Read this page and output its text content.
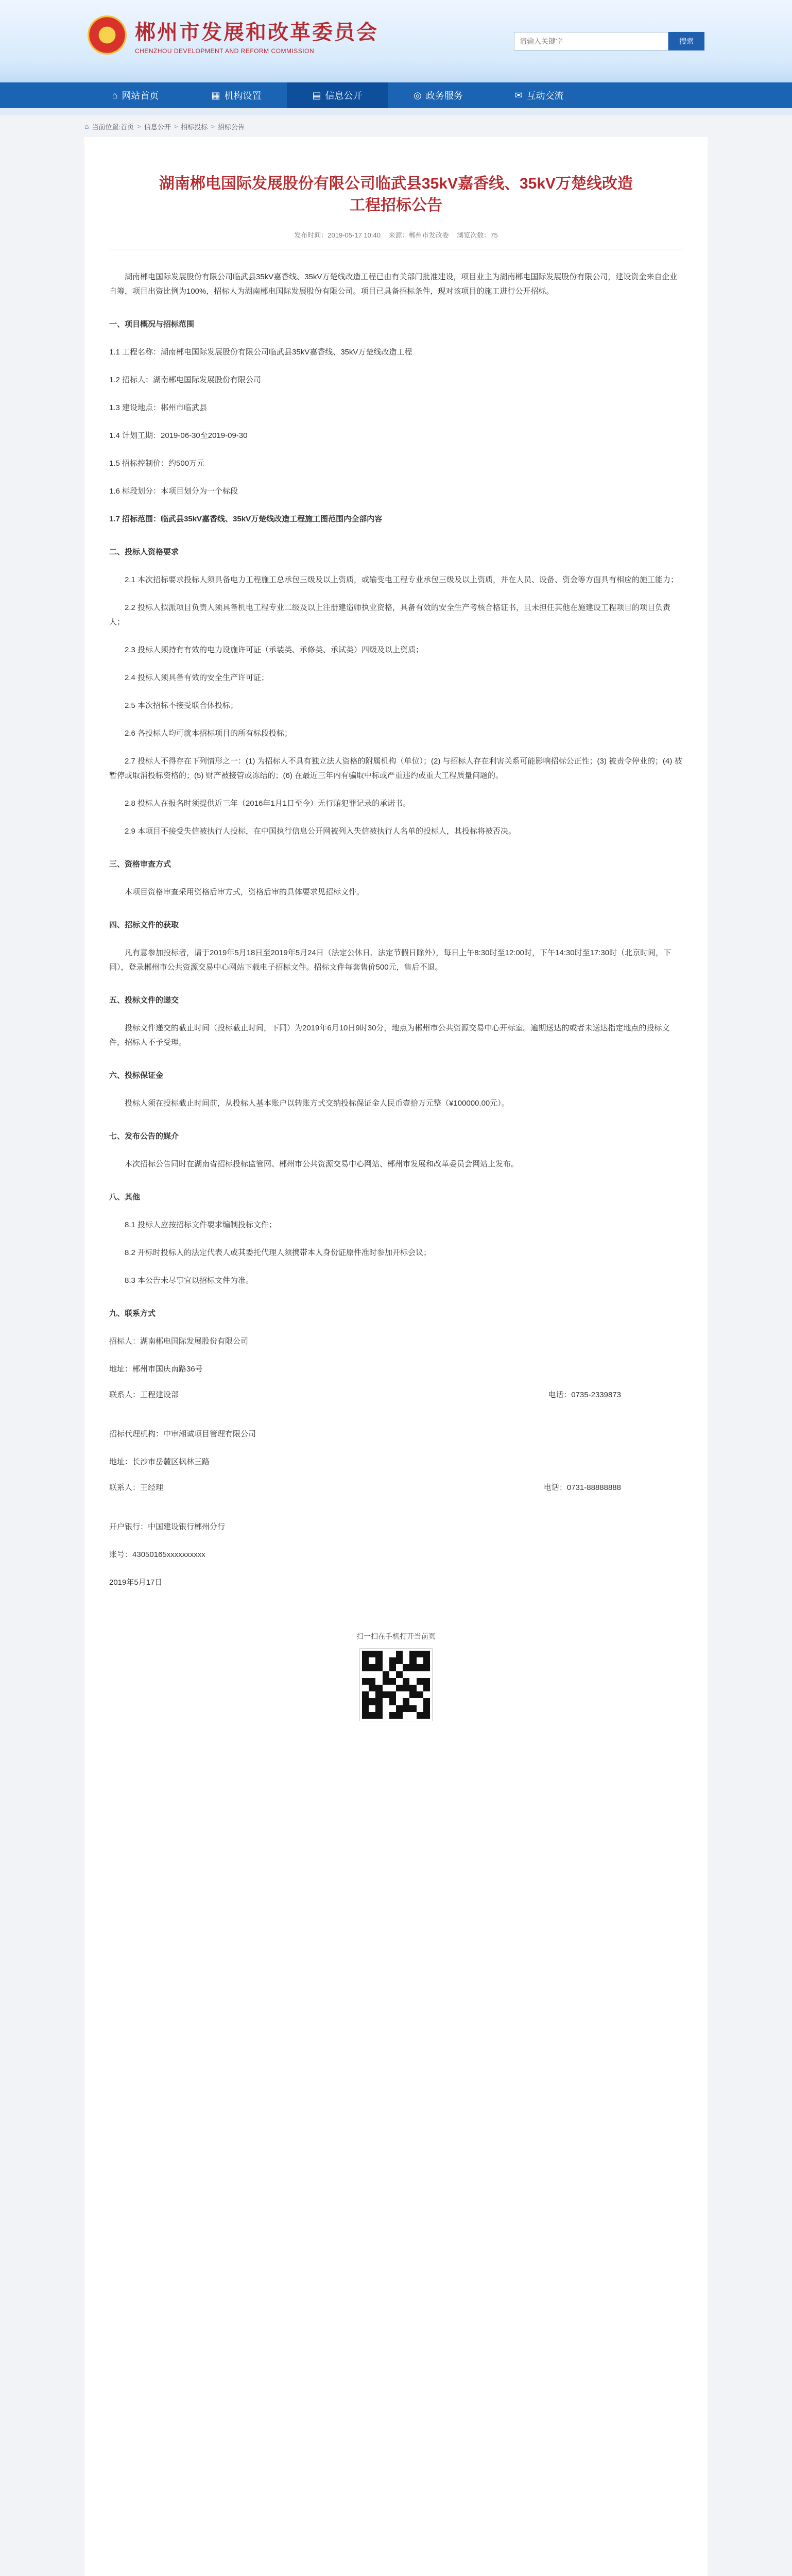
★	郴州市发展和改革委员会
CHENZHOU DEVELOPMENT AND REFORM COMMISSION
请输入关键字
搜索
⌂ 网站首页	▦ 机构设置	▤ 信息公开	◎ 政务服务	✉ 互动交流
⌂ 当前位置: 首页 > 信息公开 > 招标投标 > 招标公告
湖南郴电国际发展股份有限公司临武县35kV嘉香线、35kV万楚线改造工程招标公告
发布时间：2019-05-17 10:40 来源：郴州市发改委 浏览次数：75

湖南郴电国际发展股份有限公司临武县35kV嘉香线、35kV万楚线改造工程已由有关部门批准建设，项目业主为湖南郴电国际发展股份有限公司，建设资金来自企业自筹，项目出资比例为100%，招标人为湖南郴电国际发展股份有限公司。项目已具备招标条件，现对该项目的施工进行公开招标。

一、项目概况与招标范围

1.1 工程名称：湖南郴电国际发展股份有限公司临武县35kV嘉香线、35kV万楚线改造工程

1.2 招标人：湖南郴电国际发展股份有限公司

1.3 建设地点：郴州市临武县

1.4 计划工期：2019-06-30至2019-09-30

1.5 招标控制价：约500万元

1.6 标段划分：本项目划分为一个标段

1.7 招标范围：临武县35kV嘉香线、35kV万楚线改造工程施工图范围内全部内容

二、投标人资格要求

2.1 本次招标要求投标人须具备电力工程施工总承包三级及以上资质，或输变电工程专业承包三级及以上资质，并在人员、设备、资金等方面具有相应的施工能力；

2.2 投标人拟派项目负责人须具备机电工程专业二级及以上注册建造师执业资格，具备有效的安全生产考核合格证书，且未担任其他在施建设工程项目的项目负责人；

2.3 投标人须持有有效的电力设施许可证（承装类、承修类、承试类）四级及以上资质；

2.4 投标人须具备有效的安全生产许可证；

2.5 本次招标不接受联合体投标；

2.6 各投标人均可就本招标项目的所有标段投标；

2.7 投标人不得存在下列情形之一：(1) 为招标人不具有独立法人资格的附属机构（单位）；(2) 与招标人存在利害关系可能影响招标公正性；(3) 被责令停业的；(4) 被暂停或取消投标资格的；(5) 财产被接管或冻结的；(6) 在最近三年内有骗取中标或严重违约或重大工程质量问题的。

2.8 投标人在报名时须提供近三年（2016年1月1日至今）无行贿犯罪记录的承诺书。

2.9 本项目不接受失信被执行人投标，在中国执行信息公开网被列入失信被执行人名单的投标人，其投标将被否决。

三、资格审查方式

本项目资格审查采用资格后审方式，资格后审的具体要求见招标文件。

四、招标文件的获取

凡有意参加投标者，请于2019年5月18日至2019年5月24日（法定公休日、法定节假日除外），每日上午8:30时至12:00时，下午14:30时至17:30时（北京时间，下同），登录郴州市公共资源交易中心网站下载电子招标文件。招标文件每套售价500元，售后不退。

五、投标文件的递交

投标文件递交的截止时间（投标截止时间，下同）为2019年6月10日9时30分，地点为郴州市公共资源交易中心开标室。逾期送达的或者未送达指定地点的投标文件，招标人不予受理。

六、投标保证金

投标人须在投标截止时间前，从投标人基本账户以转账方式交纳投标保证金人民币壹拾万元整（¥100000.00元）。

七、发布公告的媒介

本次招标公告同时在湖南省招标投标监管网、郴州市公共资源交易中心网站、郴州市发展和改革委员会网站上发布。

八、其他

8.1 投标人应按招标文件要求编制投标文件；

8.2 开标时投标人的法定代表人或其委托代理人须携带本人身份证原件准时参加开标会议；

8.3 本公告未尽事宜以招标文件为准。

九、联系方式

招标人：湖南郴电国际发展股份有限公司

地址：郴州市国庆南路36号

联系人：工程建设部	电话：0735-2339873

招标代理机构：中审湘诚项目管理有限公司

地址：长沙市岳麓区枫林三路

联系人：王经理	电话：0731-88888888

开户银行：中国建设银行郴州分行

账号：43050165xxxxxxxxxx

2019年5月17日

扫一扫在手机打开当前页
